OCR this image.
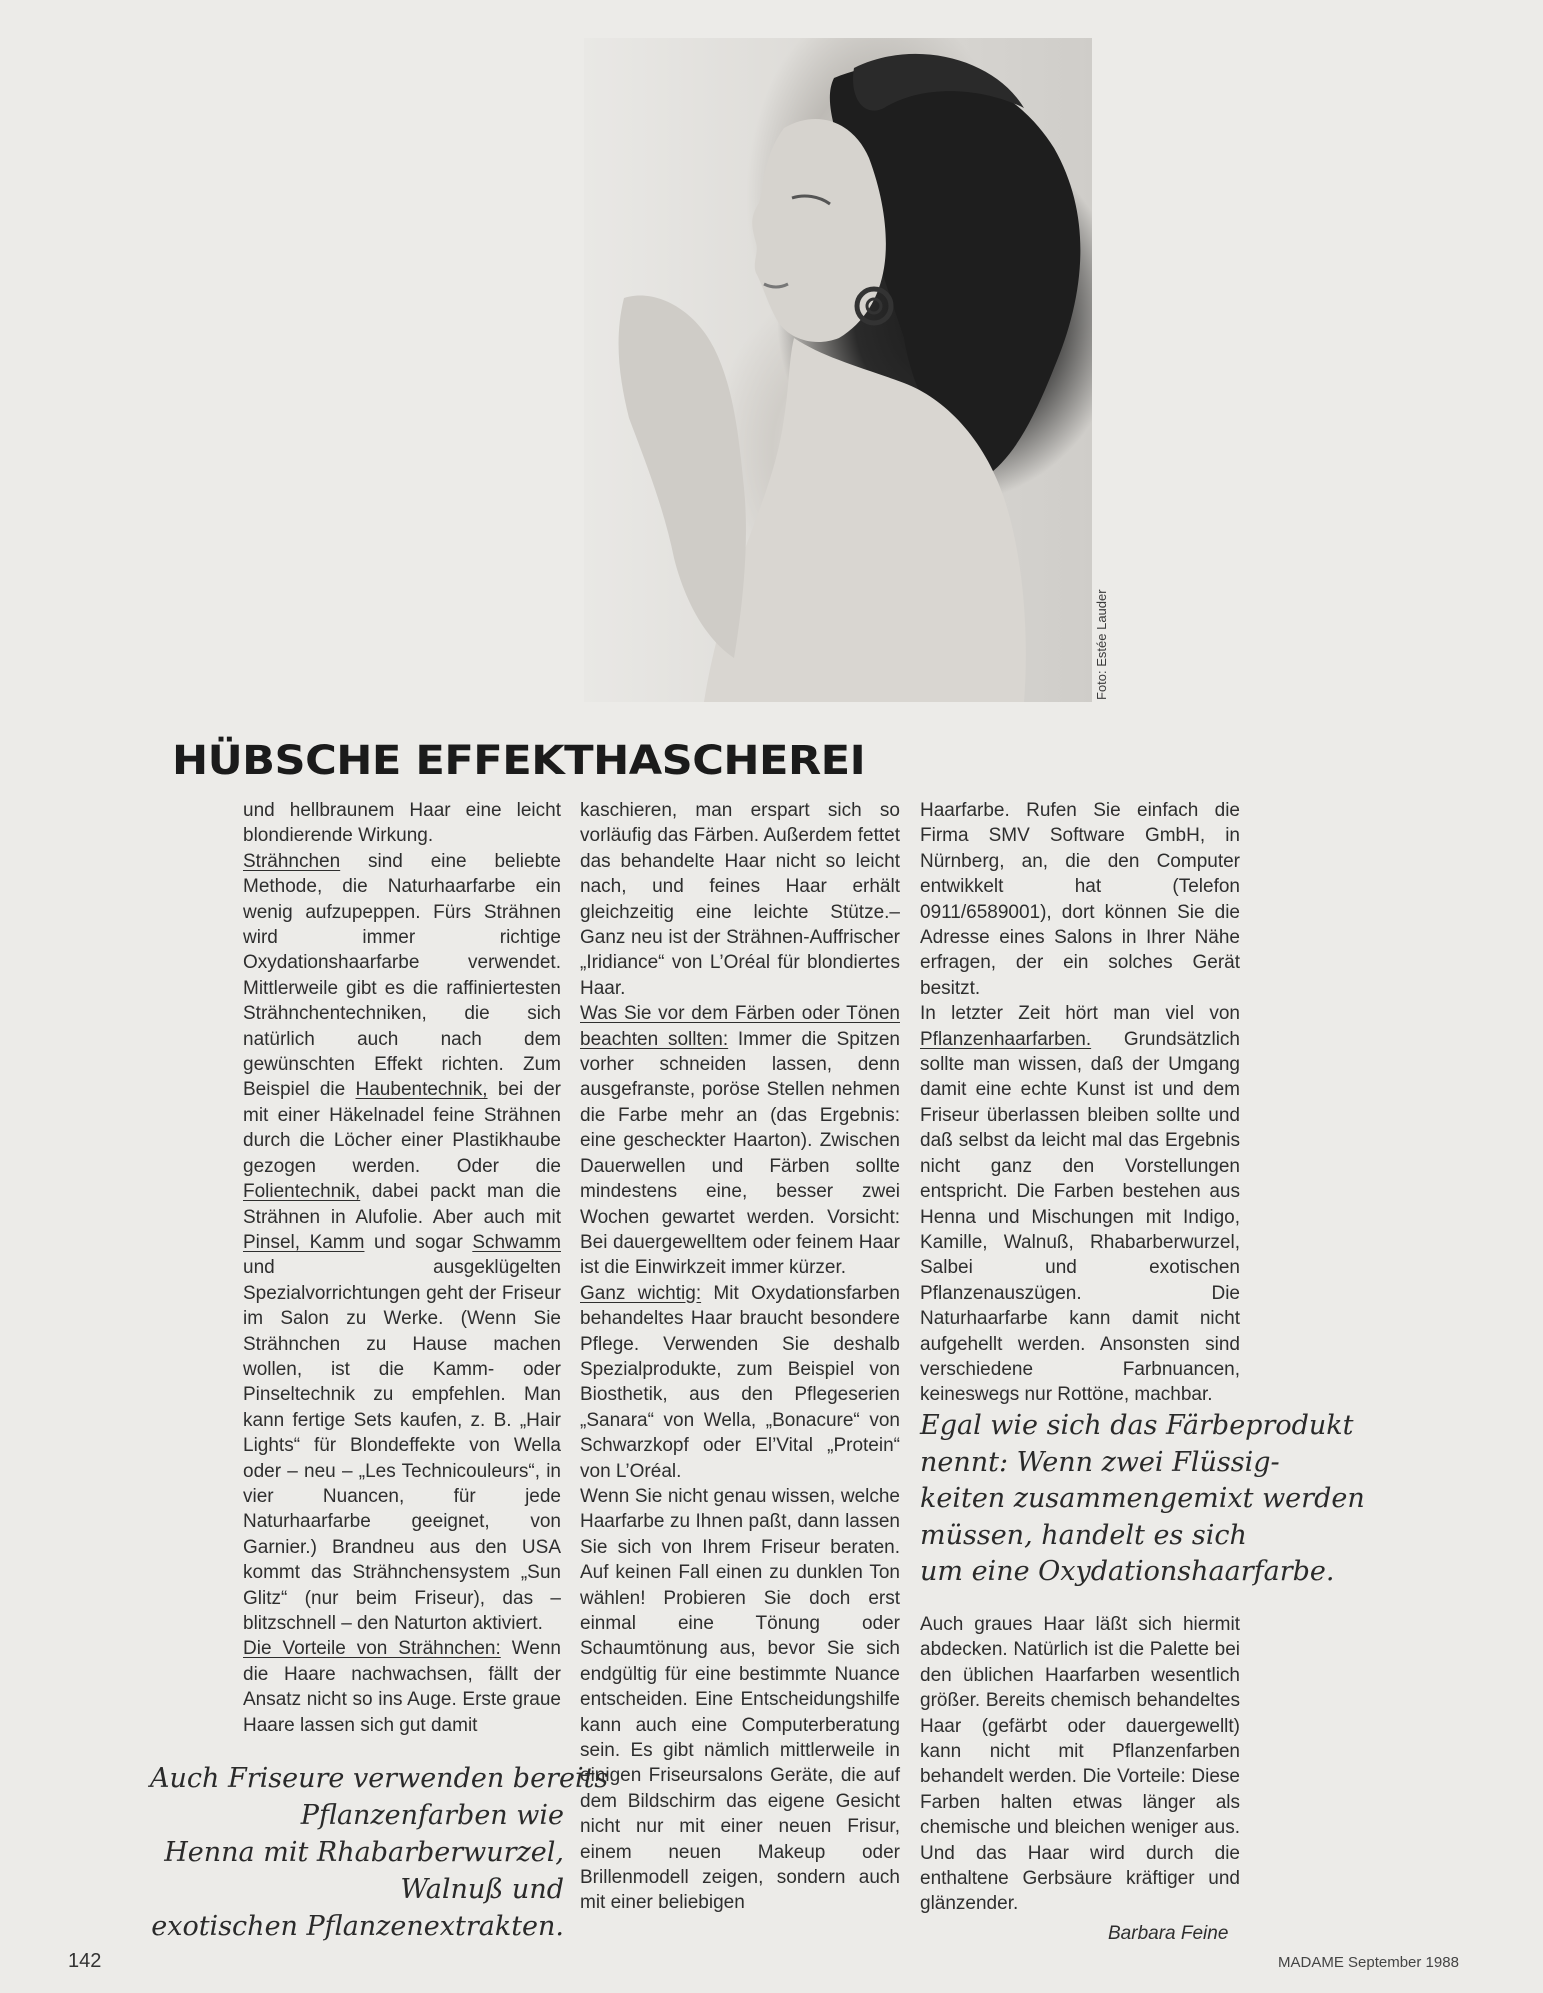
Foto: Estée Lauder
HÜBSCHE EFFEKTHASCHEREI

und hellbraunem Haar eine leicht blondierende Wirkung.

Strähnchen sind eine beliebte Methode, die Naturhaarfarbe ein wenig aufzupeppen. Fürs Strähnen wird immer richtige Oxydationshaarfarbe verwendet. Mittlerweile gibt es die raffiniertesten Strähnchentechniken, die sich natürlich auch nach dem gewünschten Effekt richten. Zum Beispiel die Haubentechnik, bei der mit einer Häkelnadel feine Strähnen durch die Löcher einer Plastikhaube gezogen werden. Oder die Folientechnik, dabei packt man die Strähnen in Alufolie. Aber auch mit Pinsel, Kamm und sogar Schwamm und ausgeklügelten Spezialvorrichtungen geht der Friseur im Salon zu Werke. (Wenn Sie Strähnchen zu Hause machen wollen, ist die Kamm- oder Pinseltechnik zu empfehlen. Man kann fertige Sets kaufen, z. B. „Hair Lights“ für Blondeffekte von Wella oder – neu – „Les Technicouleurs“, in vier Nuancen, für jede Naturhaarfarbe geeignet, von Garnier.) Brandneu aus den USA kommt das Strähnchensystem „Sun Glitz“ (nur beim Friseur), das – blitzschnell – den Naturton aktiviert.

Die Vorteile von Strähnchen: Wenn die Haare nachwachsen, fällt der Ansatz nicht so ins Auge. Erste graue Haare lassen sich gut damit

kaschieren, man erspart sich so vorläufig das Färben. Außerdem fettet das behandelte Haar nicht so leicht nach, und feines Haar erhält gleichzeitig eine leichte Stütze.– Ganz neu ist der Strähnen-Auffrischer „Iridiance“ von L’Oréal für blondiertes Haar.

Was Sie vor dem Färben oder Tönen beachten sollten: Immer die Spitzen vorher schneiden lassen, denn ausgefranste, poröse Stellen nehmen die Farbe mehr an (das Ergebnis: eine gescheckter Haarton). Zwischen Dauerwellen und Färben sollte mindestens eine, besser zwei Wochen gewartet werden. Vorsicht: Bei dauergewelltem oder feinem Haar ist die Einwirkzeit immer kürzer.

Ganz wichtig: Mit Oxydationsfarben behandeltes Haar braucht besondere Pflege. Verwenden Sie deshalb Spezialprodukte, zum Beispiel von Biosthetik, aus den Pflegeserien „Sanara“ von Wella, „Bonacure“ von Schwarzkopf oder El’Vital „Protein“ von L’Oréal.

Wenn Sie nicht genau wissen, welche Haarfarbe zu Ihnen paßt, dann lassen Sie sich von Ihrem Friseur beraten. Auf keinen Fall einen zu dunklen Ton wählen! Probieren Sie doch erst einmal eine Tönung oder Schaumtönung aus, bevor Sie sich endgültig für eine bestimmte Nuance entscheiden. Eine Entscheidungshilfe kann auch eine Computerberatung sein. Es gibt nämlich mittlerweile in einigen Friseursalons Geräte, die auf dem Bildschirm das eigene Gesicht nicht nur mit einer neuen Frisur, einem neuen Makeup oder Brillenmodell zeigen, sondern auch mit einer beliebigen

Haarfarbe. Rufen Sie einfach die Firma SMV Software GmbH, in Nürnberg, an, die den Computer entwikkelt hat (Telefon 0911/6589001), dort können Sie die Adresse eines Salons in Ihrer Nähe erfragen, der ein solches Gerät besitzt.

In letzter Zeit hört man viel von Pflanzenhaarfarben. Grundsätzlich sollte man wissen, daß der Umgang damit eine echte Kunst ist und dem Friseur überlassen bleiben sollte und daß selbst da leicht mal das Ergebnis nicht ganz den Vorstellungen entspricht. Die Farben bestehen aus Henna und Mischungen mit Indigo, Kamille, Walnuß, Rhabarberwurzel, Salbei und exotischen Pflanzenauszügen. Die Naturhaarfarbe kann damit nicht aufgehellt werden. Ansonsten sind verschiedene Farbnuancen, keineswegs nur Rottöne, machbar.

Auch graues Haar läßt sich hiermit abdecken. Natürlich ist die Palette bei den üblichen Haarfarben wesentlich größer. Bereits chemisch behandeltes Haar (gefärbt oder dauergewellt) kann nicht mit Pflanzenfarben behandelt werden. Die Vorteile: Diese Farben halten etwas länger als chemische und bleichen weniger aus. Und das Haar wird durch die enthaltene Gerbsäure kräftiger und glänzender.

Auch Friseure verwenden bereits
Pflanzenfarben wie
Henna mit Rhabarberwurzel,
Walnuß und
exotischen Pflanzenextrakten.
Egal wie sich das Färbeprodukt
nennt: Wenn zwei Flüssig-
keiten zusammengemixt werden
müssen, handelt es sich
um eine Oxydationshaarfarbe.
Barbara Feine
142	MADAME September 1988
